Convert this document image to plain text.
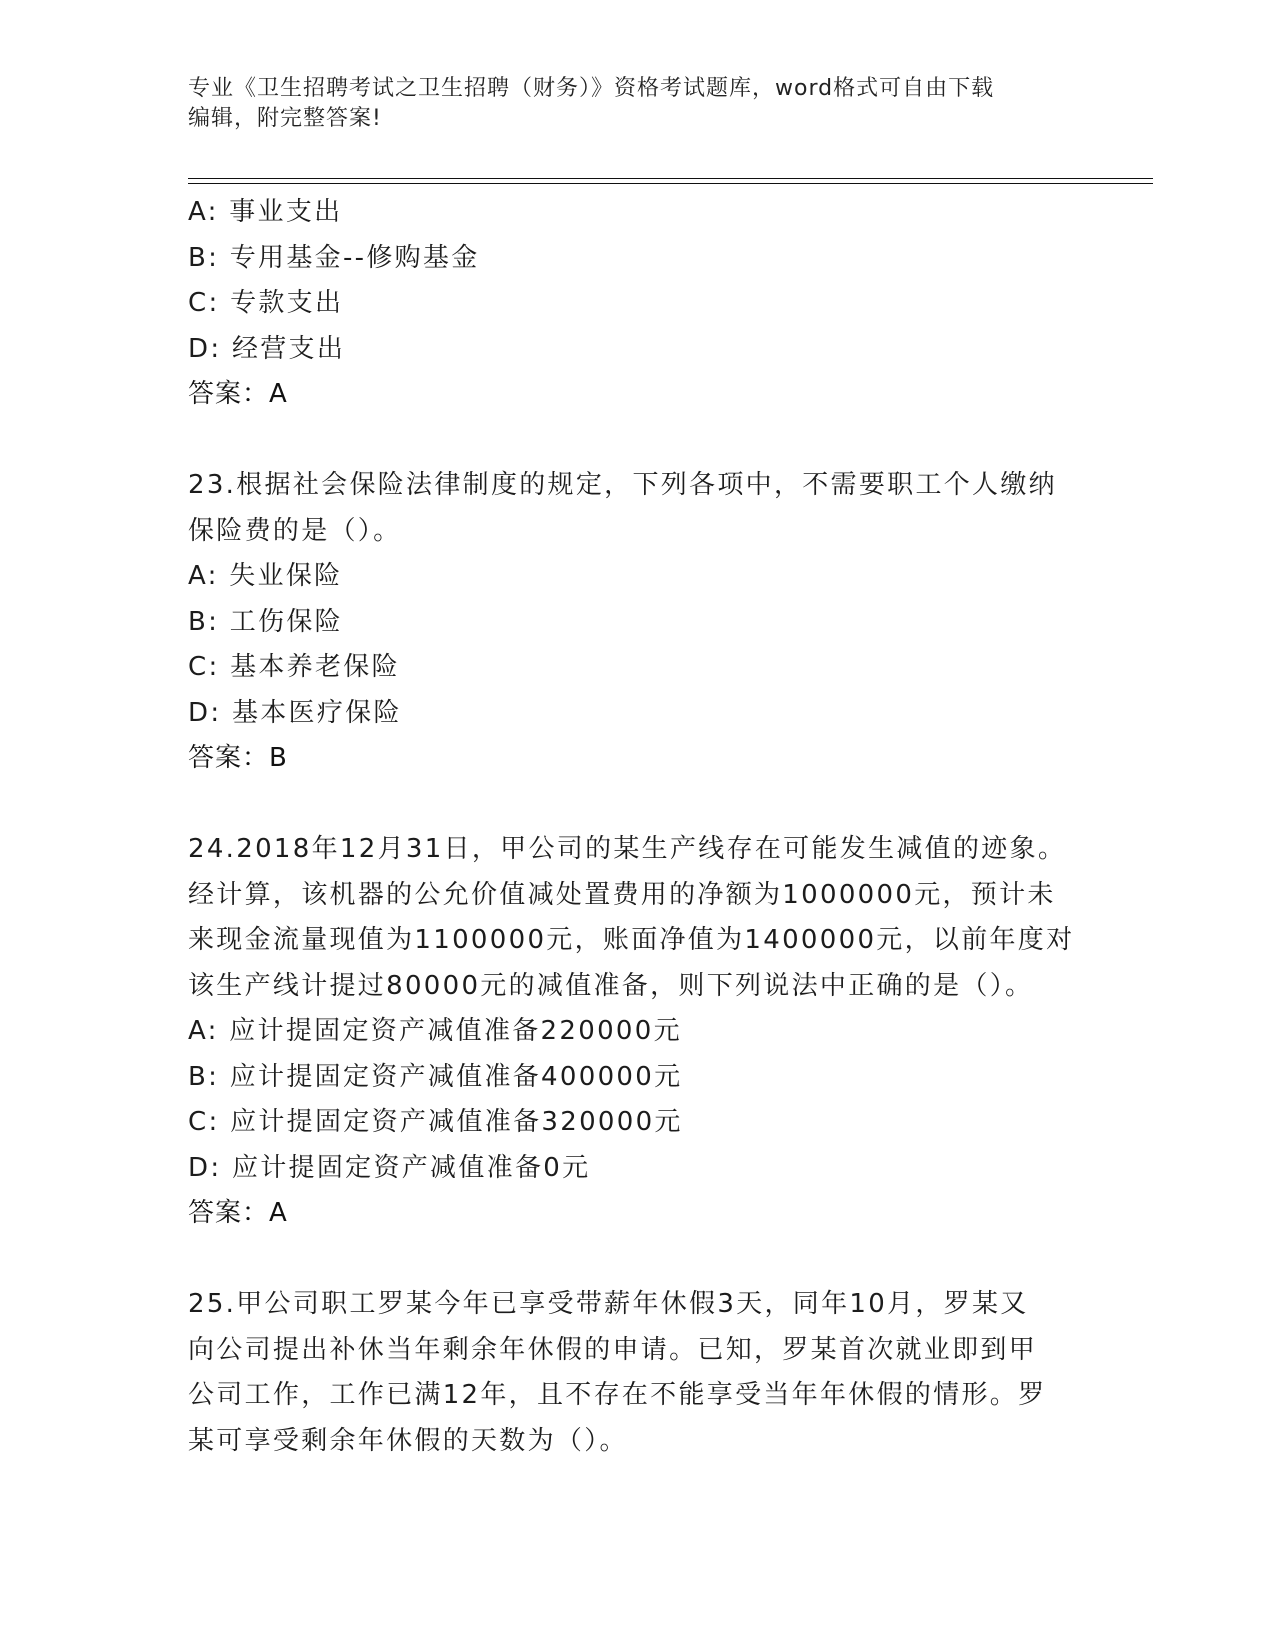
专业《卫生招聘考试之卫生招聘（财务）》资格考试题库，word格式可自由下载
编辑，附完整答案!
A: 事业支出
B: 专用基金--修购基金
C: 专款支出
D: 经营支出
答案：A
23.根据社会保险法律制度的规定，下列各项中，不需要职工个人缴纳
保险费的是（）。
A: 失业保险
B: 工伤保险
C: 基本养老保险
D: 基本医疗保险
答案：B
24.2018年12月31日，甲公司的某生产线存在可能发生减值的迹象。
经计算，该机器的公允价值减处置费用的净额为1000000元，预计未
来现金流量现值为1100000元，账面净值为1400000元，以前年度对
该生产线计提过80000元的减值准备，则下列说法中正确的是（）。
A: 应计提固定资产减值准备220000元
B: 应计提固定资产减值准备400000元
C: 应计提固定资产减值准备320000元
D: 应计提固定资产减值准备0元
答案：A
25.甲公司职工罗某今年已享受带薪年休假3天，同年10月，罗某又
向公司提出补休当年剩余年休假的申请。已知，罗某首次就业即到甲
公司工作，工作已满12年，且不存在不能享受当年年休假的情形。罗
某可享受剩余年休假的天数为（）。
